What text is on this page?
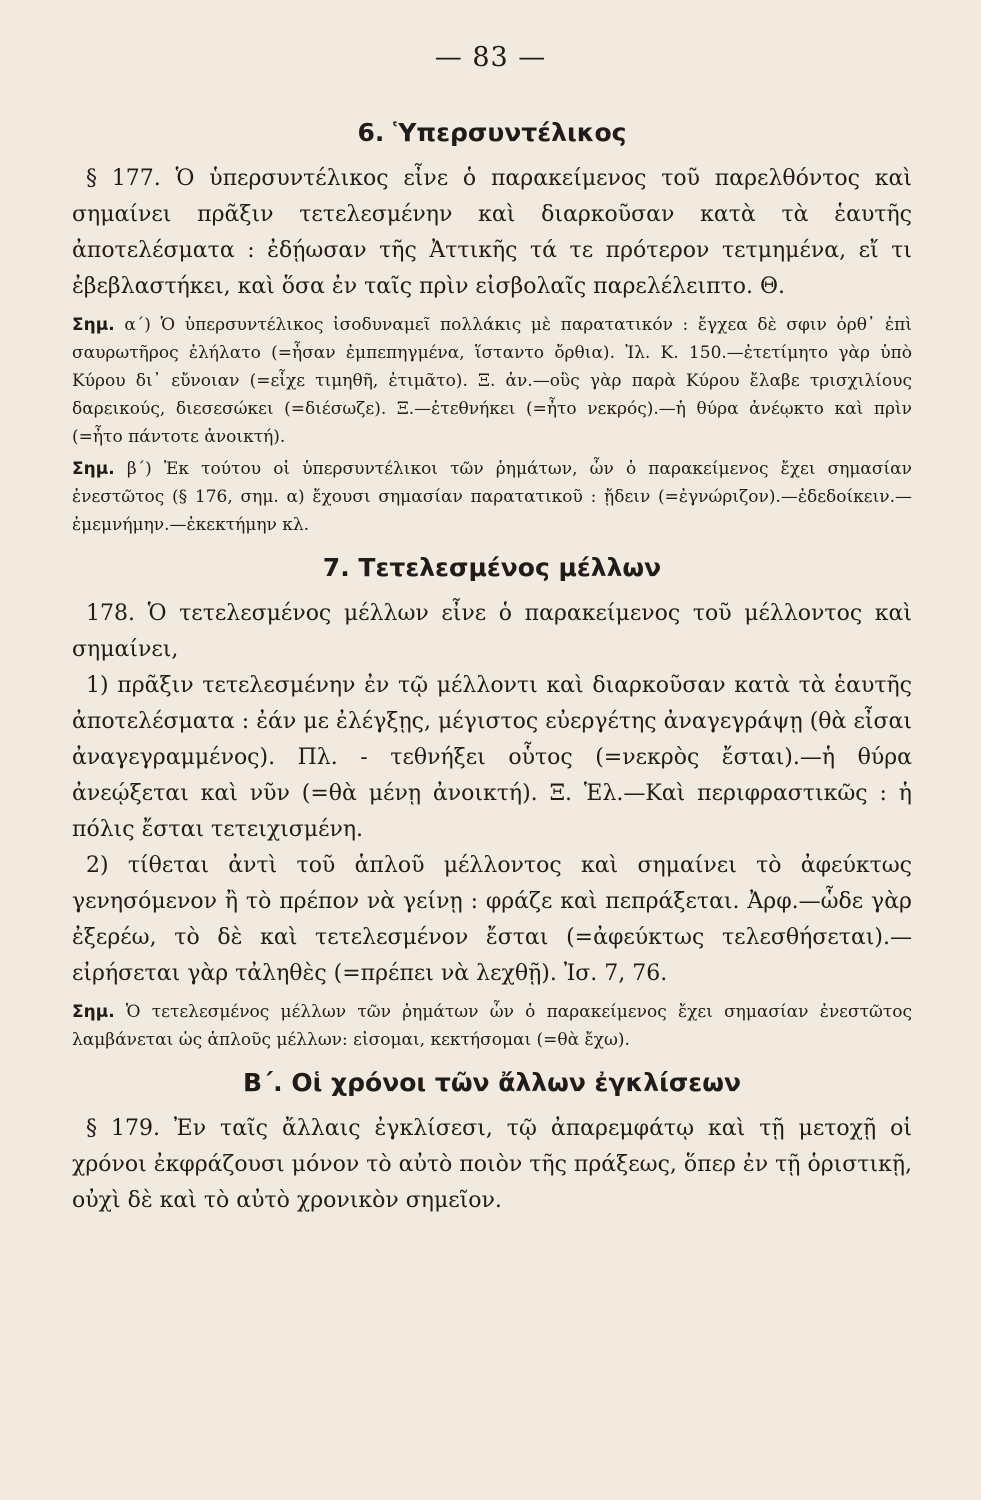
— 83 —
6. Ὑπερσυντέλικος

§ 177. Ὁ ὑπερσυντέλικος εἶνε ὁ παρακείμενος τοῦ παρελθόντος καὶ σημαίνει πρᾶξιν τετελεσμένην καὶ διαρκοῦσαν κατὰ τὰ ἑαυτῆς ἀποτελέσματα : ἐδῄωσαν τῆς Ἀττικῆς τά τε πρότερον τετμημένα, εἴ τι ἐβεβλαστήκει, καὶ ὅσα ἐν ταῖς πρὶν εἰσβολαῖς παρελέλειπτο. Θ.

Σημ. α΄) Ὁ ὑπερσυντέλικος ἰσοδυναμεῖ πολλάκις μὲ παρατατικόν : ἔγχεα δὲ σφιν ὀρθ᾽ ἐπὶ σαυρωτῆρος ἐλήλατο (=ἦσαν ἐμπεπηγμένα, ἵσταντο ὄρθια). Ἰλ. Κ. 150.—ἐτετίμητο γὰρ ὑπὸ Κύρου δι᾽ εὔνοιαν (=εἶχε τιμηθῆ, ἐτιμᾶτο). Ξ. ἀν.—οὓς γὰρ παρὰ Κύρου ἔλαβε τρισχιλίους δαρεικούς, διεσεσώκει (=διέσωζε). Ξ.—ἐτεθνήκει (=ἦτο νεκρός).—ἡ θύρα ἀνέῳκτο καὶ πρὶν (=ἦτο πάντοτε ἀνοικτή).

Σημ. β΄) Ἐκ τούτου οἱ ὑπερσυντέλικοι τῶν ῥημάτων, ὧν ὁ παρακείμενος ἔχει σημασίαν ἐνεστῶτος (§ 176, σημ. α) ἔχουσι σημασίαν παρατατικοῦ : ᾔδειν (=ἐγνώριζον).—ἐδεδοίκειν.—ἐμεμνήμην.—ἐκεκτήμην κλ.

7. Τετελεσμένος μέλλων

178. Ὁ τετελεσμένος μέλλων εἶνε ὁ παρακείμενος τοῦ μέλλοντος καὶ σημαίνει,

1) πρᾶξιν τετελεσμένην ἐν τῷ μέλλοντι καὶ διαρκοῦσαν κατὰ τὰ ἑαυτῆς ἀποτελέσματα : ἐάν με ἐλέγξῃς, μέγιστος εὐεργέτης ἀναγεγράψῃ (θὰ εἶσαι ἀναγεγραμμένος). Πλ. - τεθνήξει οὗτος (=νεκρὸς ἔσται).—ἡ θύρα ἀνεῴξεται καὶ νῦν (=θὰ μένῃ ἀνοικτή). Ξ. Ἑλ.—Καὶ περιφραστικῶς : ἡ πόλις ἔσται τετειχισμένη.

2) τίθεται ἀντὶ τοῦ ἁπλοῦ μέλλοντος καὶ σημαίνει τὸ ἀφεύκτως γενησόμενον ἢ τὸ πρέπον νὰ γείνῃ : φράζε καὶ πεπράξεται. Ἀρφ.—ὧδε γὰρ ἐξερέω, τὸ δὲ καὶ τετελεσμένον ἔσται (=ἀφεύκτως τελεσθήσεται).—εἰρήσεται γὰρ τἀληθὲς (=πρέπει νὰ λεχθῇ). Ἰσ. 7, 76.

Σημ. Ὁ τετελεσμένος μέλλων τῶν ῥημάτων ὧν ὁ παρακείμενος ἔχει σημασίαν ἐνεστῶτος λαμβάνεται ὡς ἁπλοῦς μέλλων: εἰσομαι, κεκτήσομαι (=θὰ ἔχω).

Β΄. Οἱ χρόνοι τῶν ἄλλων ἐγκλίσεων

§ 179. Ἐν ταῖς ἄλλαις ἐγκλίσεσι, τῷ ἀπαρεμφάτῳ καὶ τῇ μετοχῇ οἱ χρόνοι ἐκφράζουσι μόνον τὸ αὐτὸ ποιὸν τῆς πράξεως, ὅπερ ἐν τῇ ὁριστικῇ, οὐχὶ δὲ καὶ τὸ αὐτὸ χρονικὸν σημεῖον.
